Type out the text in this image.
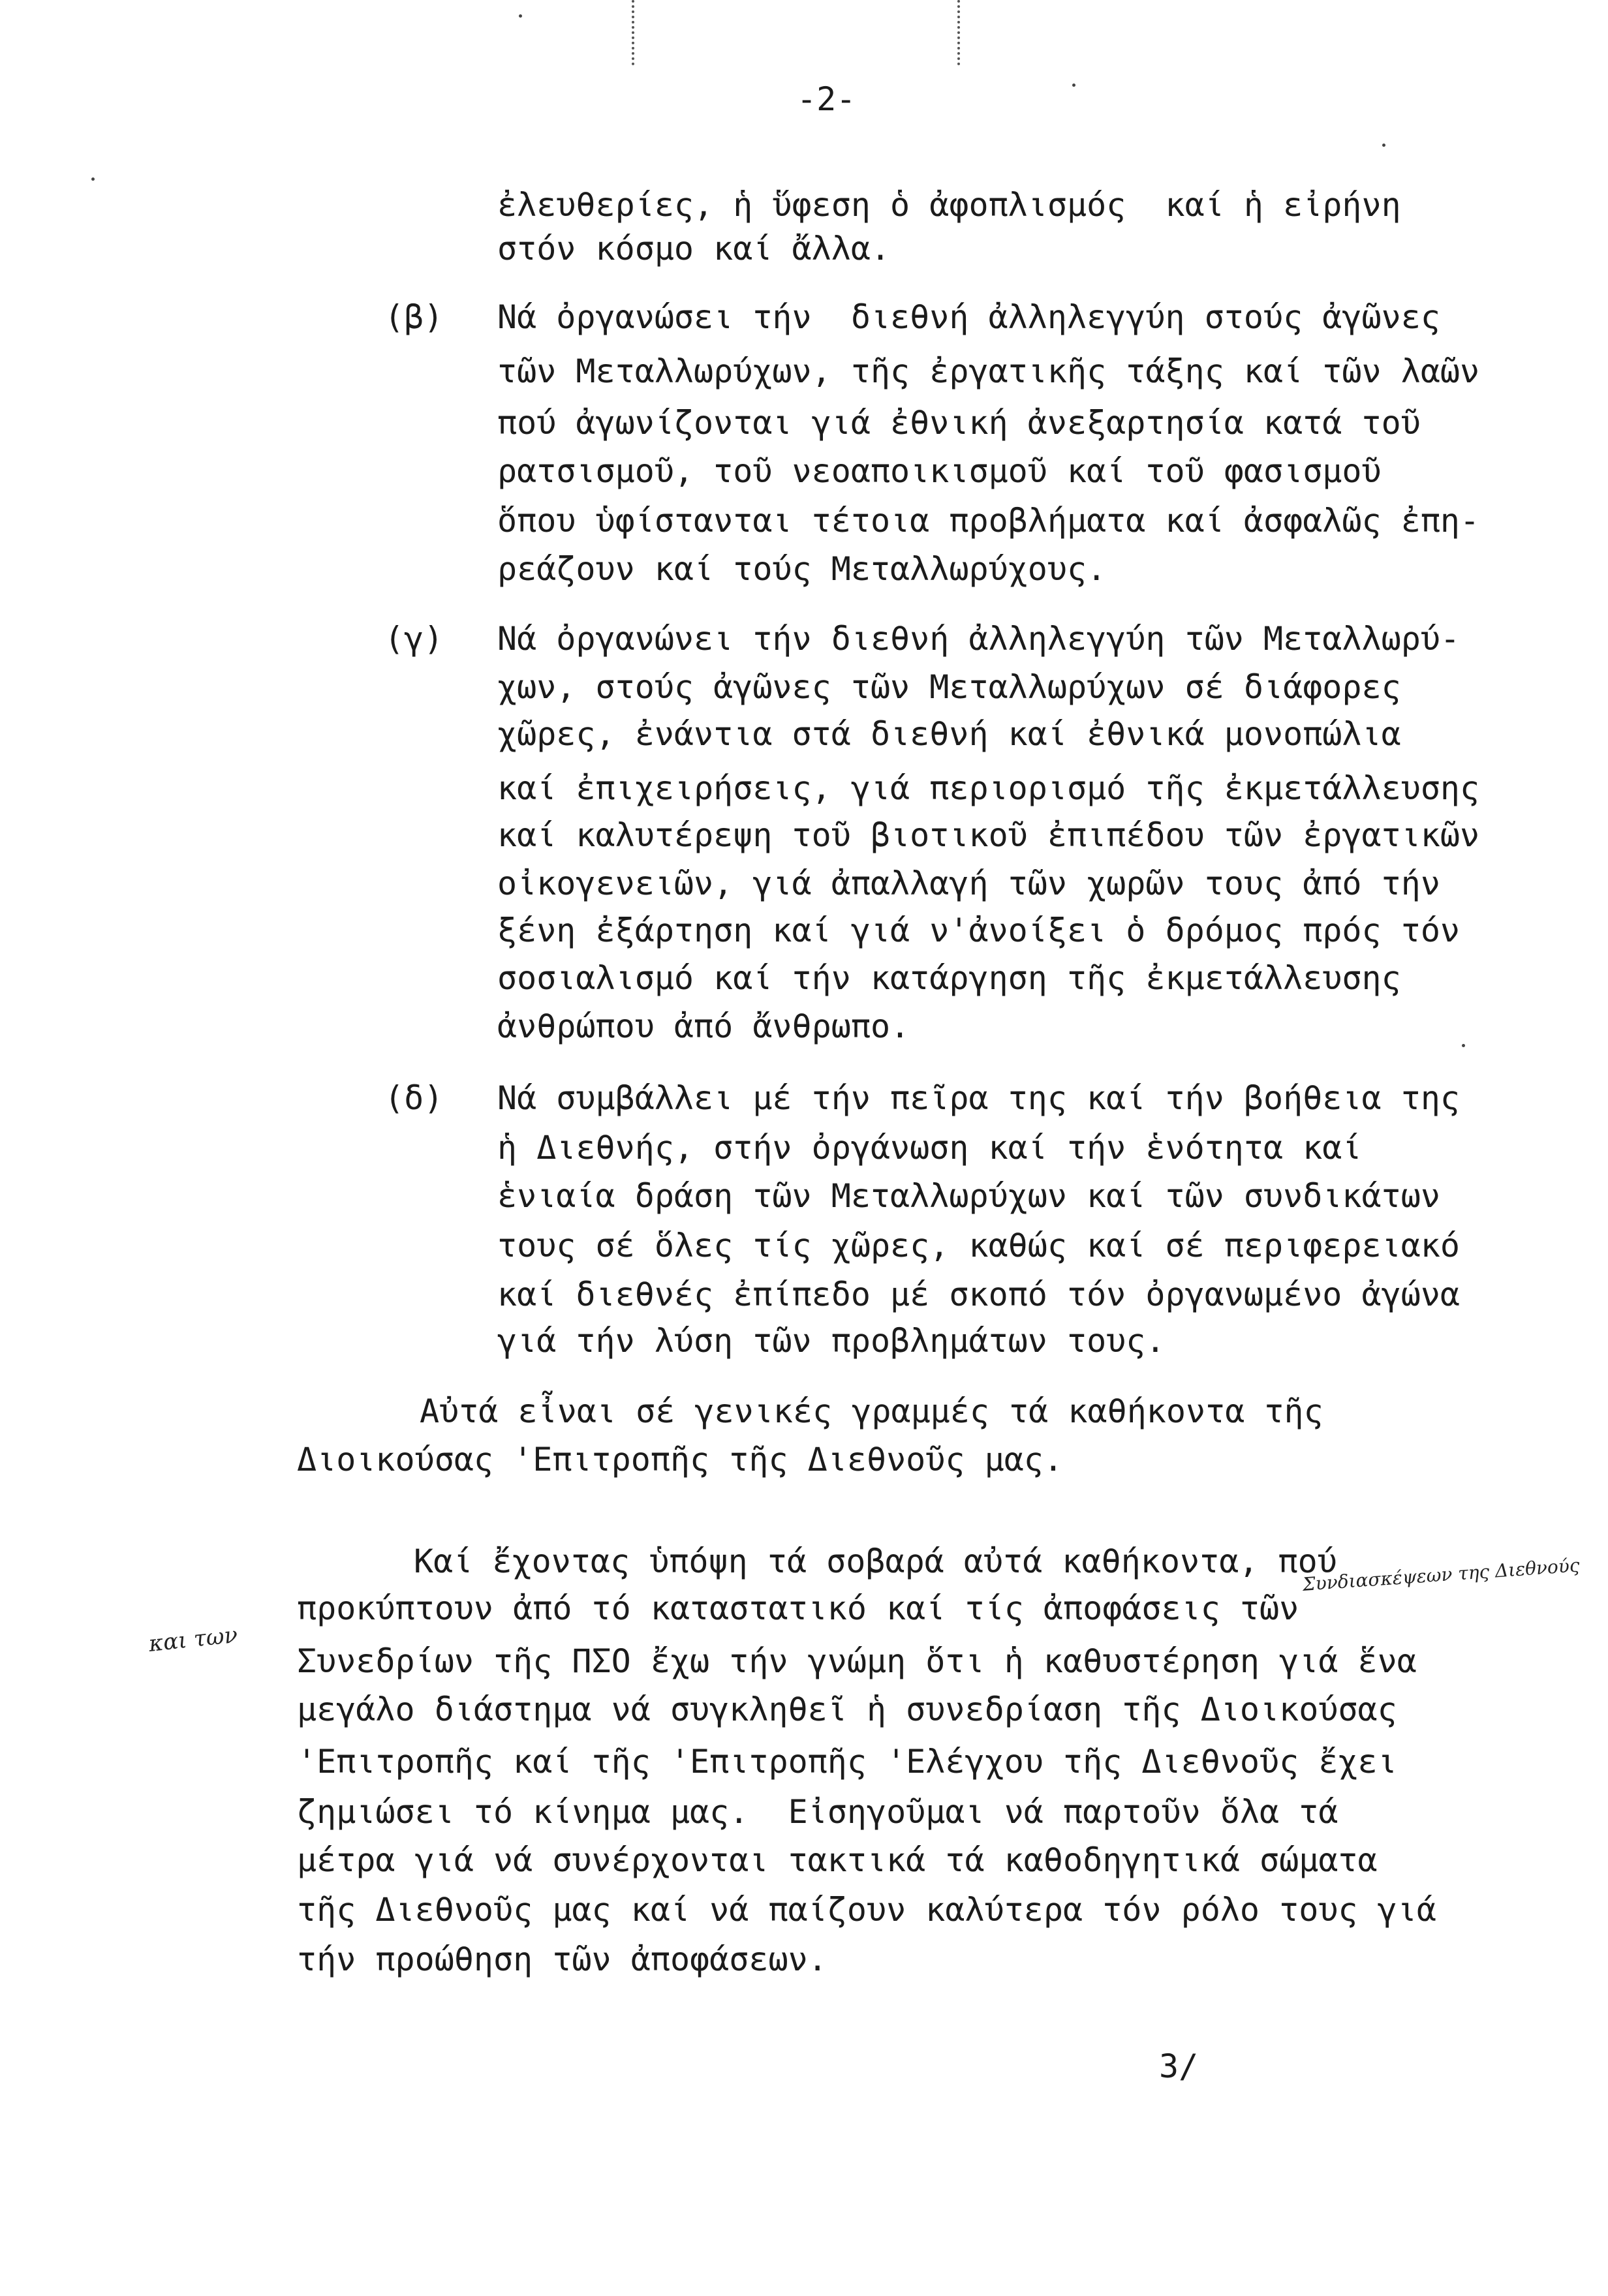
-2-
ἐλευθερίες, ἡ ὕφεση ὁ ἀφοπλισμός  καί ἡ εἰρήνη
στόν κόσμο καί ἄλλα.
(β) Νά ὀργανώσει τήν  διεθνή ἀλληλεγγύη στούς ἀγῶνες
τῶν Μεταλλωρύχων, τῆς ἐργατικῆς τάξης καί τῶν λαῶν
πού ἀγωνίζονται γιά ἐθνική ἀνεξαρτησία κατά τοῦ
ρατσισμοῦ, τοῦ νεοαποικισμοῦ καί τοῦ φασισμοῦ
ὅπου ὑφίστανται τέτοια προβλήματα καί ἀσφαλῶς ἐπη-
ρεάζουν καί τούς Μεταλλωρύχους.
(γ) Νά ὀργανώνει τήν διεθνή ἀλληλεγγύη τῶν Μεταλλωρύ-
χων, στούς ἀγῶνες τῶν Μεταλλωρύχων σέ διάφορες
χῶρες, ἐνάντια στά διεθνή καί ἐθνικά μονοπώλια
καί ἐπιχειρήσεις, γιά περιορισμό τῆς ἐκμετάλλευσης
καί καλυτέρεψη τοῦ βιοτικοῦ ἐπιπέδου τῶν ἐργατικῶν
οἰκογενειῶν, γιά ἀπαλλαγή τῶν χωρῶν τους ἀπό τήν
ξένη ἐξάρτηση καί γιά ν'ἀνοίξει ὁ δρόμος πρός τόν
σοσιαλισμό καί τήν κατάργηση τῆς ἐκμετάλλευσης
ἀνθρώπου ἀπό ἄνθρωπο.
(δ) Νά συμβάλλει μέ τήν πεῖρα της καί τήν βοήθεια της
ἡ Διεθνής, στήν ὀργάνωση καί τήν ἑνότητα καί
ἑνιαία δράση τῶν Μεταλλωρύχων καί τῶν συνδικάτων
τους σέ ὅλες τίς χῶρες, καθώς καί σέ περιφερειακό
καί διεθνές ἐπίπεδο μέ σκοπό τόν ὀργανωμένο ἀγώνα
γιά τήν λύση τῶν προβλημάτων τους.
Αὐτά εἶναι σέ γενικές γραμμές τά καθήκοντα τῆς
Διοικούσας 'Επιτροπῆς τῆς Διεθνοῦς μας.
Καί ἔχοντας ὑπόψη τά σοβαρά αὐτά καθήκοντα, πού
προκύπτουν ἀπό τό καταστατικό καί τίς ἀποφάσεις τῶν
Συνδιασκέψεων της Διεθνούς
και των
Συνεδρίων τῆς ΠΣΟ ἔχω τήν γνώμη ὅτι ἡ καθυστέρηση γιά ἕνα
μεγάλο διάστημα νά συγκληθεῖ ἡ συνεδρίαση τῆς Διοικούσας
'Επιτροπῆς καί τῆς 'Επιτροπῆς 'Ελέγχου τῆς Διεθνοῦς ἔχει
ζημιώσει τό κίνημα μας.  Εἰσηγοῦμαι νά παρτοῦν ὅλα τά
μέτρα γιά νά συνέρχονται τακτικά τά καθοδηγητικά σώματα
τῆς Διεθνοῦς μας καί νά παίζουν καλύτερα τόν ρόλο τους γιά
τήν προώθηση τῶν ἀποφάσεων.
3/
